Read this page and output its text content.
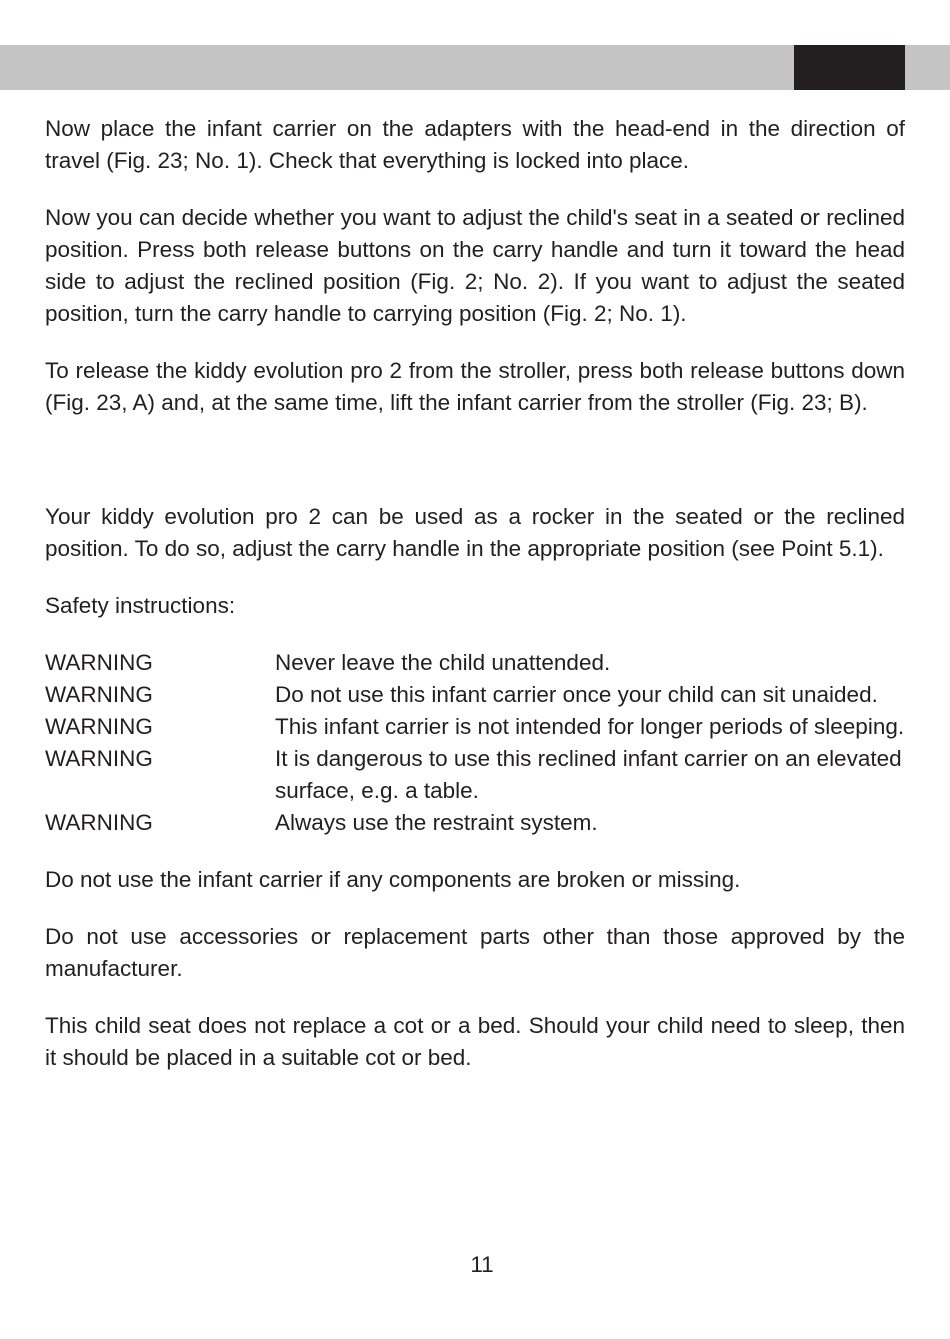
Now place the infant carrier on the adapters with the head-end in the direction of travel (Fig. 23; No. 1). Check that everything is locked into place.

Now you can decide whether you want to adjust the child's seat in a seated or reclined position. Press both release buttons on the carry handle and turn it toward the head side to adjust the reclined position (Fig. 2; No. 2). If you want to adjust the seated position, turn the carry handle to carrying position (Fig. 2; No. 1).

To release the kiddy evolution pro 2 from the stroller, press both release buttons down (Fig. 23, A) and, at the same time, lift the infant carrier from the stroller (Fig. 23; B).

Your kiddy evolution pro 2 can be used as a rocker in the seated or the reclined position. To do so, adjust the carry handle in the appropriate position (see Point 5.1).

Safety instructions:

WARNING	Never leave the child unattended.
WARNING	Do not use this infant carrier once your child can sit unaided.
WARNING	This infant carrier is not intended for longer periods of sleeping.
WARNING	It is dangerous to use this reclined infant carrier on an elevated surface, e.g. a table.
WARNING	Always use the restraint system.

Do not use the infant carrier if any components are broken or missing.

Do not use accessories or replacement parts other than those approved by the manufacturer.

This child seat does not replace a cot or a bed. Should your child need to sleep, then it should be placed in a suitable cot or bed.

11
